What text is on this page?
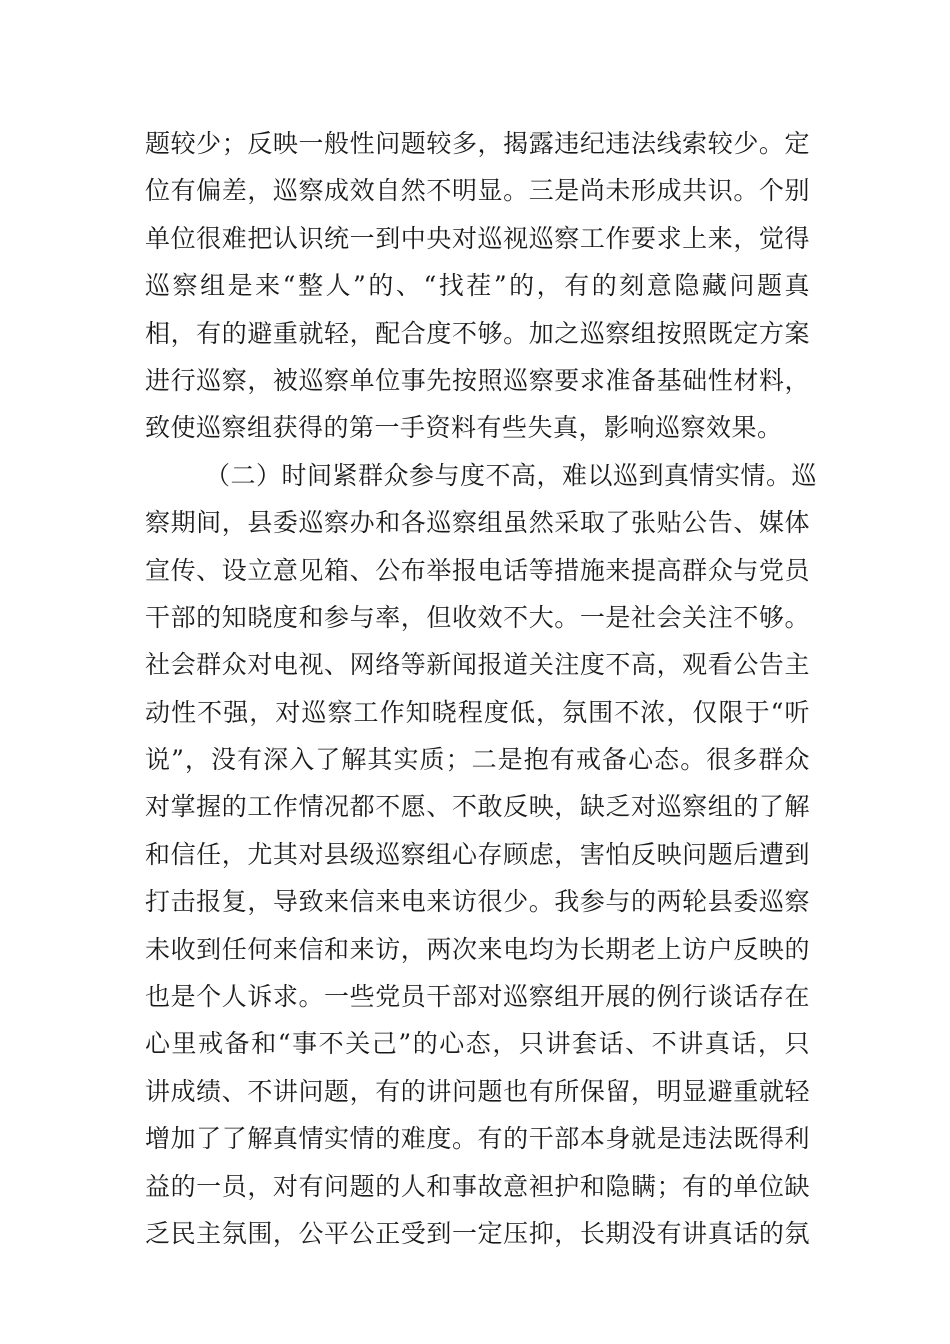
题较少；反映一般性问题较多，揭露违纪违法线索较少。定
位有偏差，巡察成效自然不明显。三是尚未形成共识。个别
单位很难把认识统一到中央对巡视巡察工作要求上来，觉得
巡察组是来“整人”的、“找茬”的，有的刻意隐藏问题真
相，有的避重就轻，配合度不够。加之巡察组按照既定方案
进行巡察，被巡察单位事先按照巡察要求准备基础性材料，
致使巡察组获得的第一手资料有些失真，影响巡察效果。
（二）时间紧群众参与度不高，难以巡到真情实情。巡
察期间，县委巡察办和各巡察组虽然采取了张贴公告、媒体
宣传、设立意见箱、公布举报电话等措施来提高群众与党员
干部的知晓度和参与率，但收效不大。一是社会关注不够。
社会群众对电视、网络等新闻报道关注度不高，观看公告主
动性不强，对巡察工作知晓程度低，氛围不浓，仅限于“听
说”，没有深入了解其实质；二是抱有戒备心态。很多群众
对掌握的工作情况都不愿、不敢反映，缺乏对巡察组的了解
和信任，尤其对县级巡察组心存顾虑，害怕反映问题后遭到
打击报复，导致来信来电来访很少。我参与的两轮县委巡察
未收到任何来信和来访，两次来电均为长期老上访户反映的
也是个人诉求。一些党员干部对巡察组开展的例行谈话存在
心里戒备和“事不关己”的心态，只讲套话、不讲真话，只
讲成绩、不讲问题，有的讲问题也有所保留，明显避重就轻
增加了了解真情实情的难度。有的干部本身就是违法既得利
益的一员，对有问题的人和事故意袒护和隐瞒；有的单位缺
乏民主氛围，公平公正受到一定压抑，长期没有讲真话的氛
